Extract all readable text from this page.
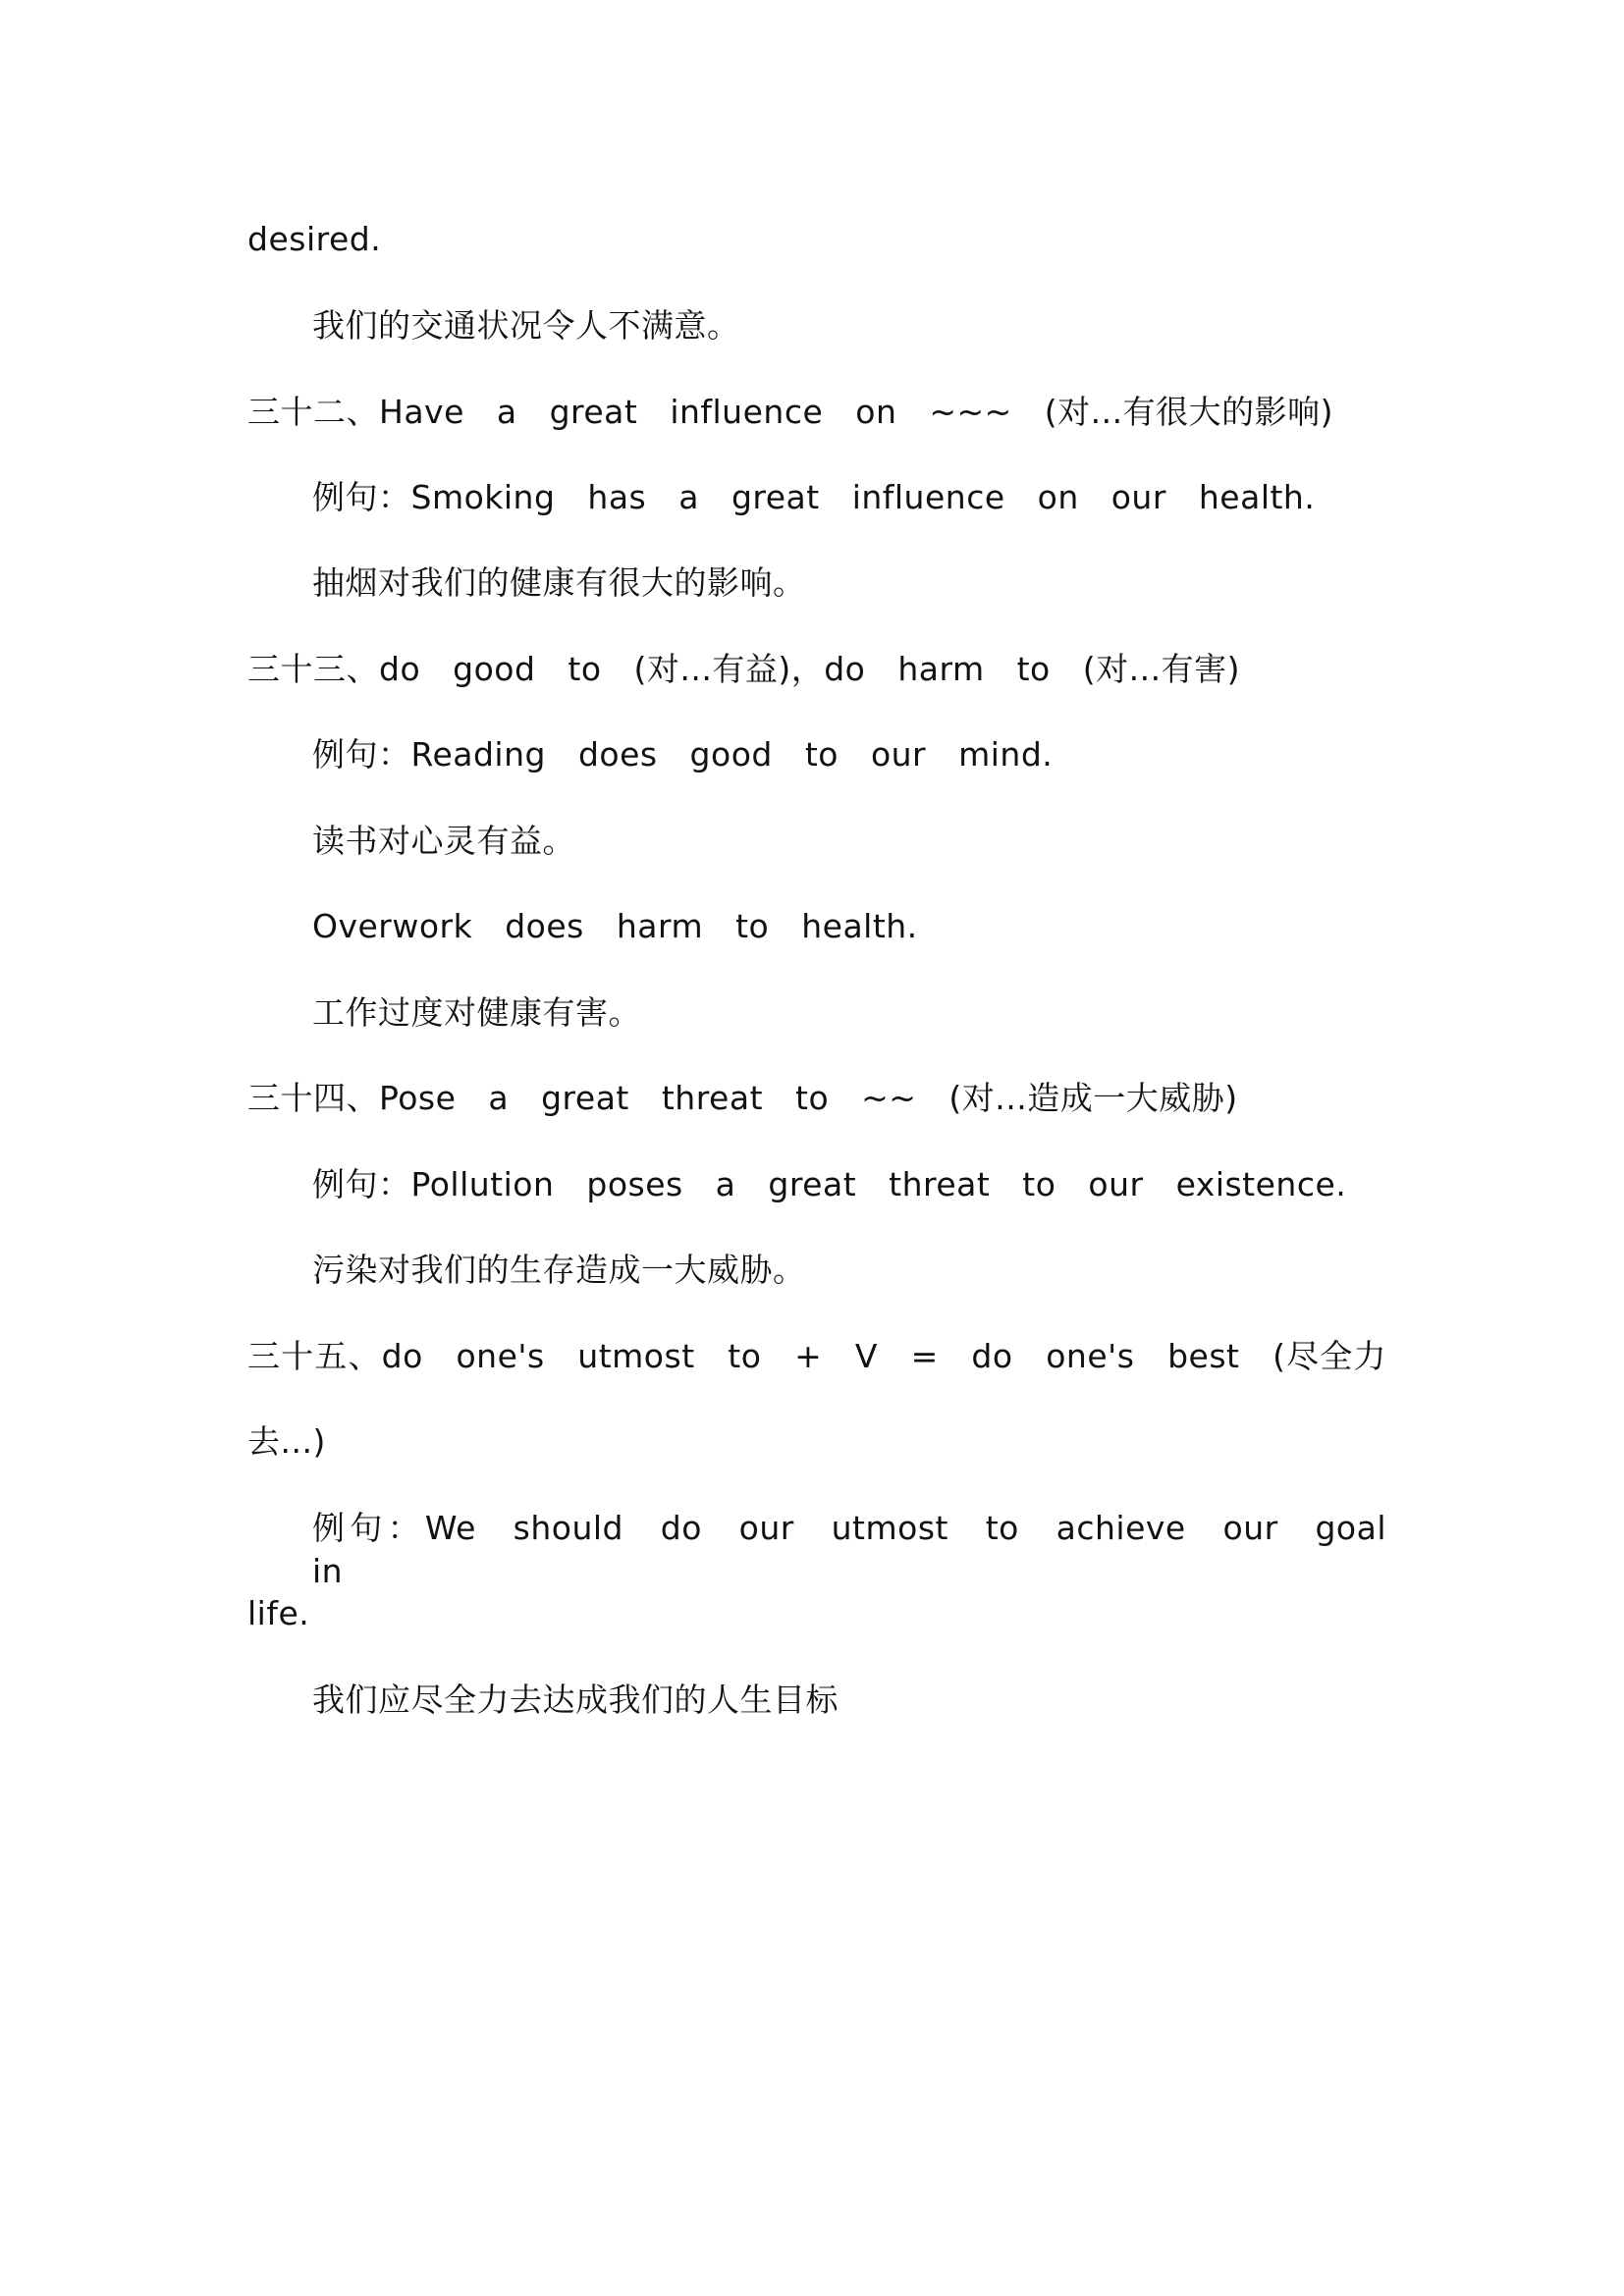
desired.
我们的交通状况令人不满意。
三十二、Have a great influence on ~~~ (对...有很大的影响)
例句：Smoking has a great influence on our health.
抽烟对我们的健康有很大的影响。
三十三、do good to (对...有益)，do harm to (对...有害)
例句：Reading does good to our mind.
读书对心灵有益。
Overwork does harm to health.
工作过度对健康有害。
三十四、Pose a great threat to ~~ (对...造成一大威胁)
例句：Pollution poses a great threat to our existence.
污染对我们的生存造成一大威胁。
三十五、do one's utmost to + V = do one's best (尽全力
去...)
例句：We should do our utmost to achieve our goal in
life.
我们应尽全力去达成我们的人生目标
